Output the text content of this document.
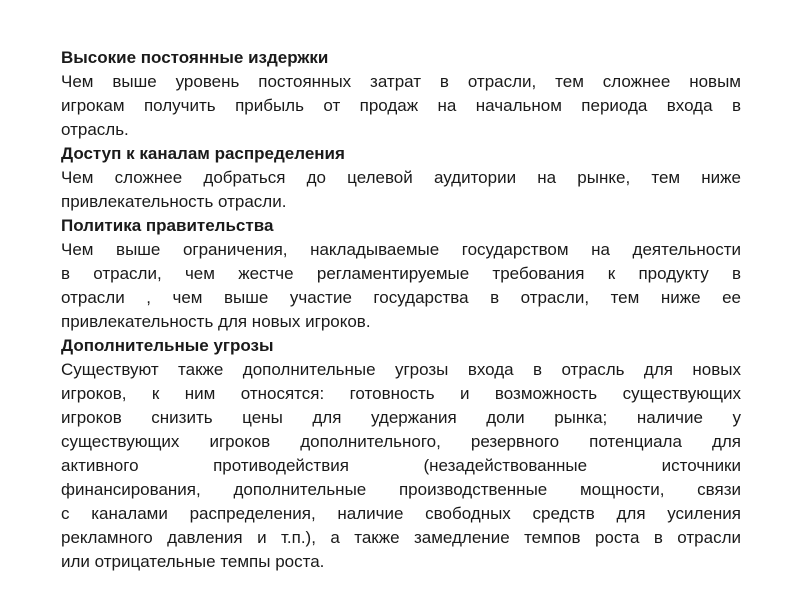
Высокие постоянные издержки

Чем выше уровень постоянных затрат в отрасли, тем сложнее новым
игрокам получить прибыль от продаж на начальном периода входа в
отрасль.

Доступ к каналам распределения

Чем сложнее добраться до целевой аудитории на рынке, тем ниже
привлекательность отрасли.

Политика правительства

Чем выше ограничения, накладываемые государством на деятельности
в отрасли, чем жестче регламентируемые требования к продукту в
отрасли , чем выше участие государства в отрасли, тем ниже ее
привлекательность для новых игроков.

Дополнительные угрозы

Существуют также дополнительные угрозы входа в отрасль для новых
игроков, к ним относятся: готовность и возможность существующих
игроков снизить цены для удержания доли рынка; наличие у
существующих игроков дополнительного, резервного потенциала для
активного противодействия (незадействованные источники
финансирования, дополнительные производственные мощности, связи
с каналами распределения, наличие свободных средств для усиления
рекламного давления и т.п.), а также замедление темпов роста в отрасли
или отрицательные темпы роста.
